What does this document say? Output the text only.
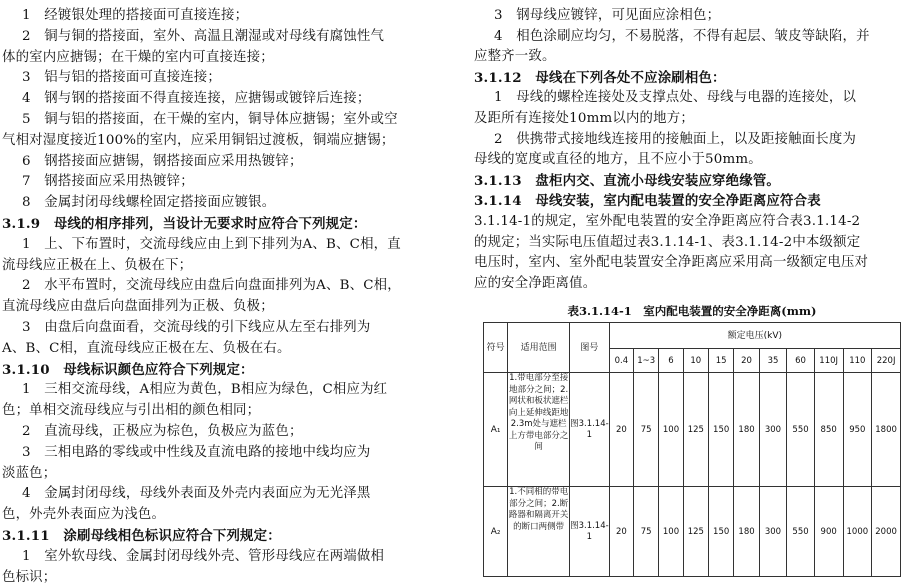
1　经镀银处理的搭接面可直接连接；
2　铜与铜的搭接面，室外、高温且潮湿或对母线有腐蚀性气
体的室内应搪锡；在干燥的室内可直接连接；
3　铝与铝的搭接面可直接连接；
4　钢与钢的搭接面不得直接连接，应搪锡或镀锌后连接；
5　铜与铝的搭接面，在干燥的室内，铜导体应搪锡；室外或空
气相对湿度接近100%的室内，应采用铜铝过渡板，铜端应搪锡；
6　钢搭接面应搪锡，钢搭接面应采用热镀锌；
7　钢搭接面应采用热镀锌；
8　金属封闭母线螺栓固定搭接面应镀银。
3.1.9　母线的相序排列，当设计无要求时应符合下列规定：
1　上、下布置时，交流母线应由上到下排列为A、B、C相，直
流母线应正极在上、负极在下；
2　水平布置时，交流母线应由盘后向盘面排列为A、B、C相，
直流母线应由盘后向盘面排列为正极、负极；
3　由盘后向盘面看，交流母线的引下线应从左至右排列为
A、B、C相，直流母线应正极在左、负极在右。
3.1.10　母线标识颜色应符合下列规定：
1　三相交流母线，A相应为黄色，B相应为绿色，C相应为红
色；单相交流母线应与引出相的颜色相同；
2　直流母线，正极应为棕色，负极应为蓝色；
3　三相电路的零线或中性线及直流电路的接地中线均应为
淡蓝色；
4　金属封闭母线，母线外表面及外壳内表面应为无光泽黑
色，外壳外表面应为浅色。
3.1.11　涂刷母线相色标识应符合下列规定：
1　室外软母线、金属封闭母线外壳、管形母线应在两端做相
色标识；
表3.1.14-1　室内配电装置的安全净距离(mm)
符号	适用范围	图号	额定电压(kV)										
			0.4	1~3	6	10	15	20	35	60	110J	110	220J
A₁	1.带电部分至接地部分之间；2.网状和板状遮栏向上延伸线距地2.3m处与遮栏上方带电部分之间	图3.1.14-1	20	75	100	125	150	180	300	550	850	950	1800
A₂	1.不同相的带电部分之间；2.断路器和隔离开关的断口两侧带	图3.1.14-1	20	75	100	125	150	180	300	550	900	1000	2000
3　钢母线应镀锌，可见面应涂相色；
4　相色涂刷应均匀，不易脱落，不得有起层、皱皮等缺陷，并
应整齐一致。
3.1.12　母线在下列各处不应涂刷相色：
1　母线的螺栓连接处及支撑点处、母线与电器的连接处，以
及距所有连接处10mm以内的地方；
2　供携带式接地线连接用的接触面上，以及距接触面长度为
母线的宽度或直径的地方，且不应小于50mm。
3.1.13　盘柜内交、直流小母线安装应穿绝缘管。
3.1.14　母线安装，室内配电装置的安全净距离应符合表
3.1.14-1的规定，室外配电装置的安全净距离应符合表3.1.14-2
的规定；当实际电压值超过表3.1.14-1、表3.1.14-2中本级额定
电压时，室内、室外配电装置安全净距离应采用高一级额定电压对
应的安全净距离值。
